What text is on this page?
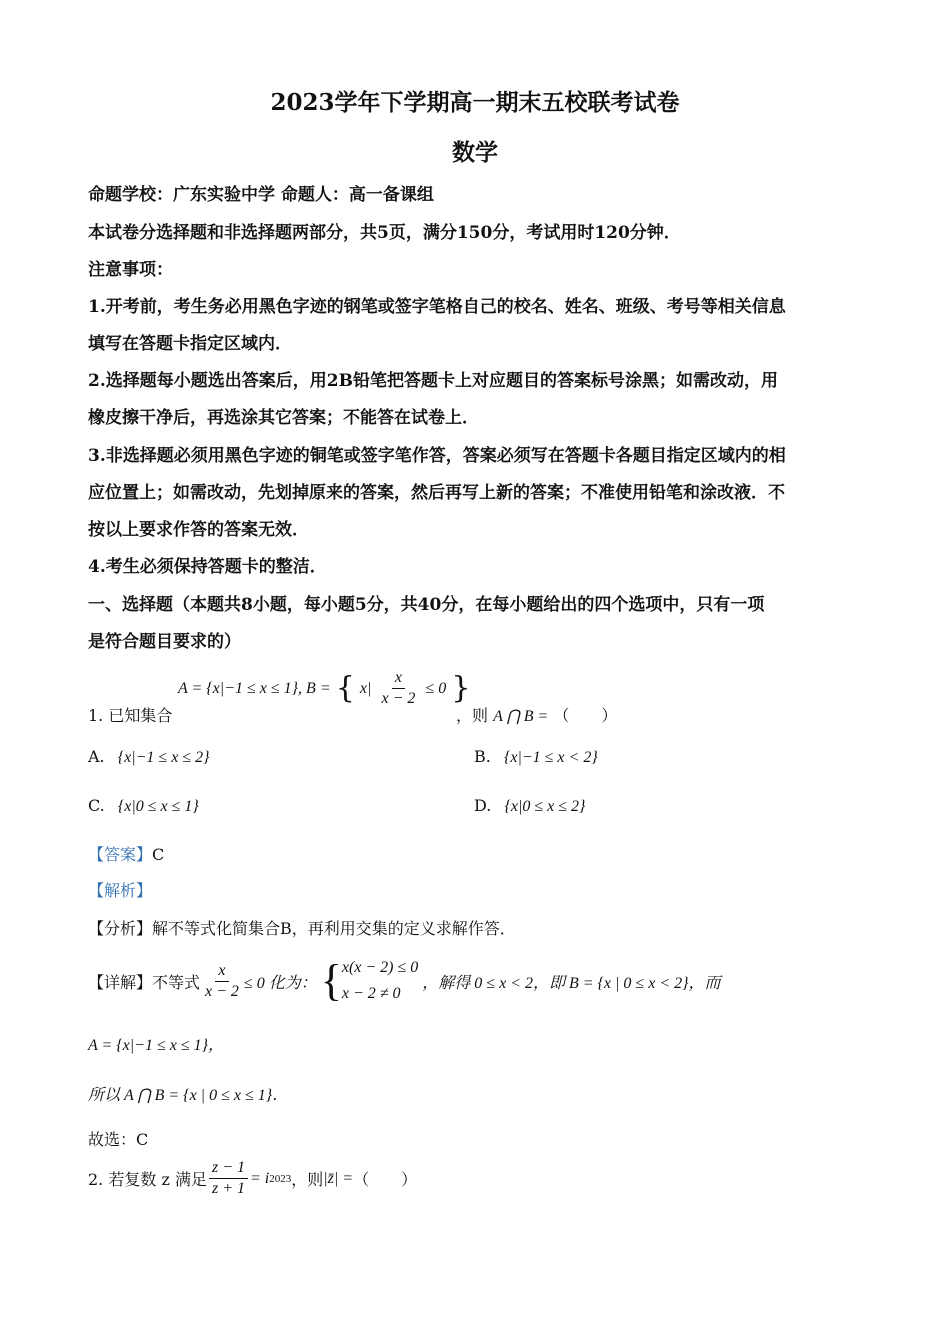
2023学年下学期高一期末五校联考试卷
数学
命题学校：广东实验中学 命题人：高一备课组
本试卷分选择题和非选择题两部分，共5页，满分150分，考试用时120分钟．
注意事项：
1.开考前，考生务必用黑色字迹的钢笔或签字笔格自己的校名、姓名、班级、考号等相关信息
填写在答题卡指定区域内．
2.选择题每小题选出答案后，用2B铅笔把答题卡上对应题目的答案标号涂黑；如需改动，用
橡皮擦干净后，再选涂其它答案；不能答在试卷上．
3.非选择题必须用黑色字迹的铜笔或签字笔作答，答案必须写在答题卡各题目指定区域内的相
应位置上；如需改动，先划掉原来的答案，然后再写上新的答案；不准使用铅笔和涂改液．不
按以上要求作答的答案无效．
4.考生必须保持答题卡的整洁．
一、选择题（本题共8小题，每小题5分，共40分，在每小题给出的四个选项中，只有一项
是符合题目要求的）
1. 已知集合
A = {x|−1 ≤ x ≤ 1}, B = { $x| \frac{x}{x - 2} \le 0$ }
，则 A ⋂ B = （　　）
A. {x|−1 ≤ x ≤ 2}	B. {x|−1 ≤ x < 2}
C. {x|0 ≤ x ≤ 1}	D. {x|0 ≤ x ≤ 2}
【答案】C
【解析】
【分析】解不等式化简集合B，再利用交集的定义求解作答．
【详解】不等式 $\frac{x}{x - 2} \le 0$ 化为： { x(x − 2) ≤ 0
x − 2 ≠ 0
，解得 0 ≤ x < 2，即 B = {x | 0 ≤ x < 2}，而
A = {x|−1 ≤ x ≤ 1}，
所以 A ⋂ B = {x | 0 ≤ x ≤ 1}．
故选：C
2. 若复数 z 满足 $\frac{z - 1}{z + 1} = i$ 2023 ，则 |z̄| = （　　）
